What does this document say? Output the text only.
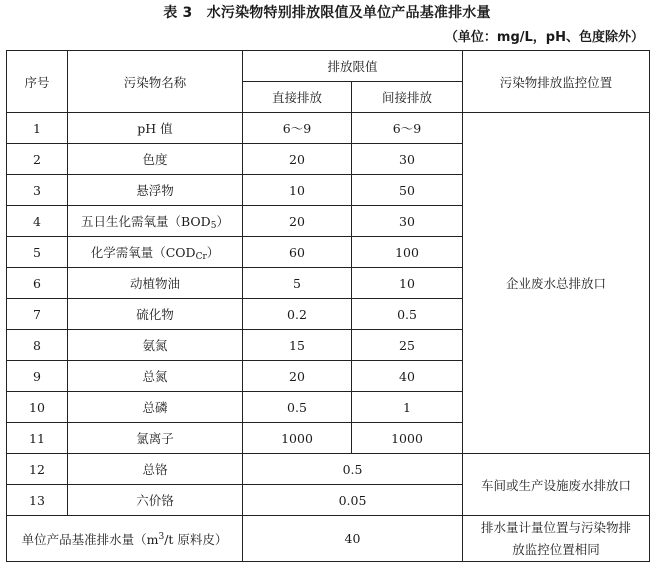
表 3　水污染物特别排放限值及单位产品基准排水量
（单位：mg/L，pH、色度除外）
序号	污染物名称	排放限值		污染物排放监控位置
		直接排放	间接排放	
1	pH 值	6～9	6～9	企业废水总排放口
2	色度	20	30	
3	悬浮物	10	50	
4	五日生化需氧量$(BOD_5)$	20	30	
5	化学需氧量$(COD_{Cr})$	60	100	
6	动植物油	5	10	
7	硫化物	0.2	0.5	
8	氨氮	15	25	
9	总氮	20	40	
10	总磷	0.5	1	
11	氯离子	1000	1000	
12	总铬	0.5		车间或生产设施废水排放口
13	六价铬	0.05		
单位产品基准排水量（$m^3/t$ 原料皮）		40		排水量计量位置与污染物排
放监控位置相同
